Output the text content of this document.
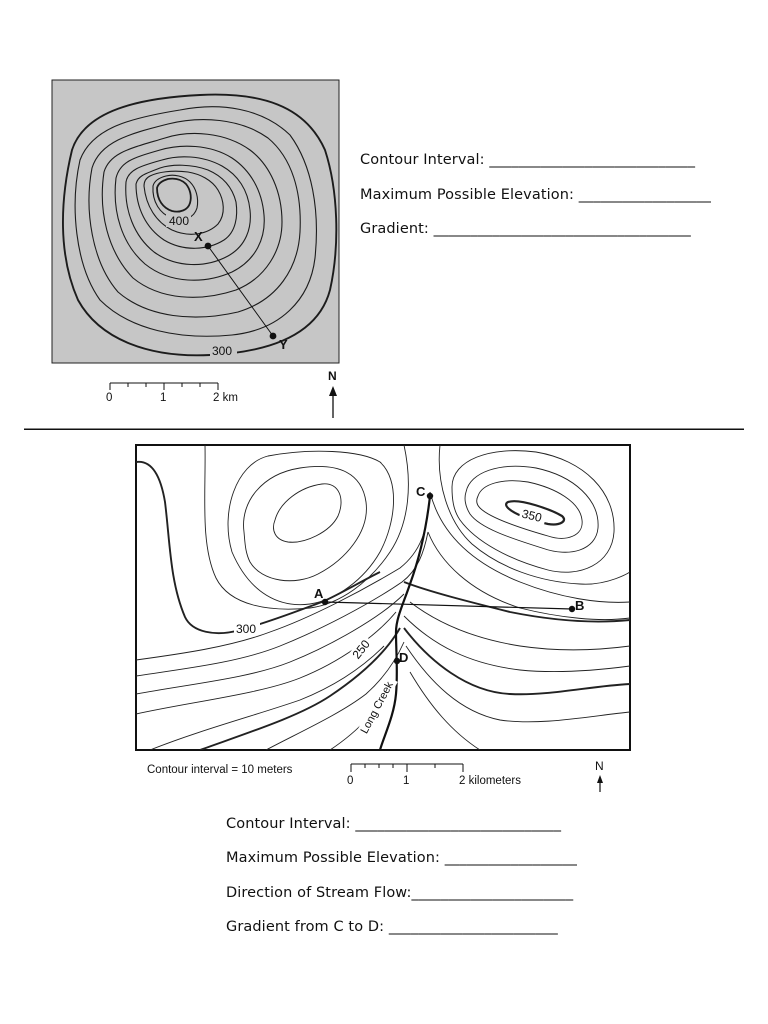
400
300
X
Y
0	1	2 km
N
Contour Interval: ____________________________
Maximum Possible Elevation: __________________
Gradient: ___________________________________
A
B
C
D
350
300
250
Long Creek
Contour interval = 10 meters
0	1	2 kilometers
N
Contour Interval: ____________________________
Maximum Possible Elevation: __________________
Direction of Stream Flow:______________________
Gradient from C to D: _______________________
